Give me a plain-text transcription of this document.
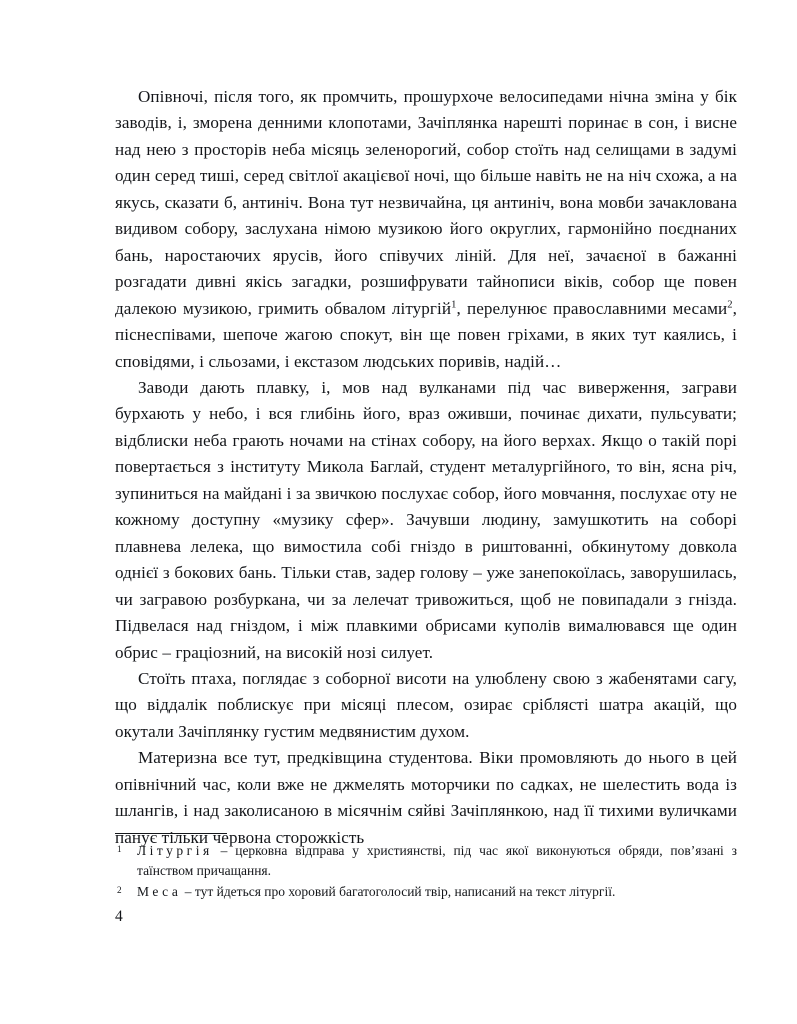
Опівночі, після того, як промчить, прошурхоче велосипедами нічна зміна у бік заводів, і, зморена денними клопотами, Зачіплянка нарешті поринає в сон, і висне над нею з просторів неба місяць зеленорогий, собор стоїть над селищами в задумі один серед тиші, серед світлої акацієвої ночі, що більше навіть не на ніч схожа, а на якусь, сказати б, антиніч. Вона тут незвичайна, ця антиніч, вона мовби зачаклована видивом собору, заслухана німою музикою його округлих, гармонійно поєднаних бань, наростаючих ярусів, його співучих ліній. Для неї, зачаєної в бажанні розгадати дивні якісь загадки, розшифрувати тайнописи віків, собор ще повен далекою музикою, гримить обвалом літургій$^1$, перелунює православними месами$^2$, піснеспівами, шепоче жагою спокут, він ще повен гріхами, в яких тут каялись, і сповідями, і сльозами, і екстазом людських поривів, надій…

Заводи дають плавку, і, мов над вулканами під час виверження, заграви бурхають у небо, і вся глибінь його, враз оживши, починає дихати, пульсувати; відблиски неба грають ночами на стінах собору, на його верхах. Якщо о такій порі повертається з інституту Микола Баглай, студент металургійного, то він, ясна річ, зупиниться на майдані і за звичкою послухає собор, його мовчання, послухає оту не кожному доступну «музику сфер». Зачувши людину, замушкотить на соборі плавнева лелека, що вимостила собі гніздо в риштованні, обкинутому довкола однієї з бокових бань. Тільки став, задер голову – уже занепокоїлась, заворушилась, чи загравою розбуркана, чи за лелечат тривожиться, щоб не повипадали з гнізда. Підвелася над гніздом, і між плавкими обрисами куполів вималювався ще один обрис – граціозний, на високій нозі силует.

Стоїть птаха, поглядає з соборної висоти на улюблену свою з жабенятами сагу, що віддалік поблискує при місяці плесом, озирає сріблясті шатра акацій, що окутали Зачіплянку густим медвянистим духом.

Материзна все тут, предківщина студентова. Віки промовляють до нього в цей опівнічний час, коли вже не джмелять моторчики по садках, не шелестить вода із шлангів, і над заколисаною в місячнім сяйві Зачіплянкою, над її тихими вуличками панує тільки червона сторожкість

1 Літургія – церковна відправа у християнстві, під час якої виконуються обряди, пов’язані з таїнством причащання.
2 Меса – тут йдеться про хоровий багатоголосий твір, написаний на текст літургії.
4
